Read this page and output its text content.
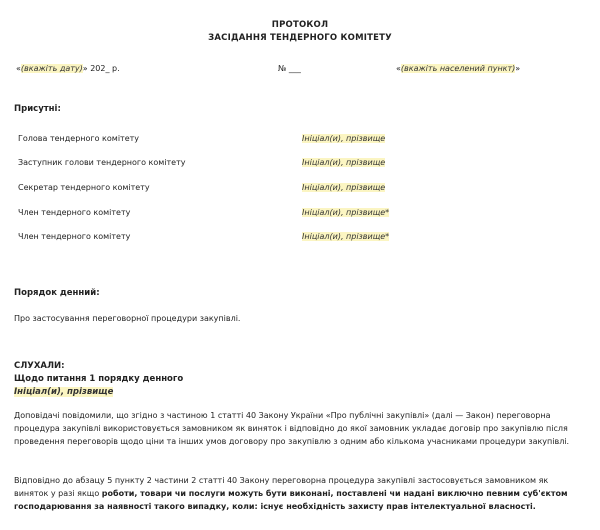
ПРОТОКОЛ
ЗАСІДАННЯ ТЕНДЕРНОГО КОМІТЕТУ
«(вкажіть дату)» 202_ р.	№ ___	«(вкажіть населений пункт)»
Присутні:
Голова тендерного комітету	Ініціал(и), прізвище
Заступник голови тендерного комітету	Ініціал(и), прізвище
Секретар тендерного комітету	Ініціал(и), прізвище
Член тендерного комітету	Ініціал(и), прізвище*
Член тендерного комітету	Ініціал(и), прізвище*
Порядок денний:
Про застосування переговорної процедури закупівлі.
СЛУХАЛИ:
Щодо питання 1 порядку денного
Ініціал(и), прізвище
Доповідачі повідомили, що згідно з частиною 1 статті 40 Закону України «Про публічні закупівлі» (далі — Закон) переговорна процедура закупівлі використовується замовником як виняток і відповідно до якої замовник укладає договір про закупівлю після проведення переговорів щодо ціни та інших умов договору про закупівлю з одним або кількома учасниками процедури закупівлі.
Відповідно до абзацу 5 пункту 2 частини 2 статті 40 Закону переговорна процедура закупівлі застосовується замовником як виняток у разі якщо роботи, товари чи послуги можуть бути виконані, поставлені чи надані виключно певним суб'єктом господарювання за наявності такого випадку, коли: існує необхідність захисту прав інтелектуальної власності.
